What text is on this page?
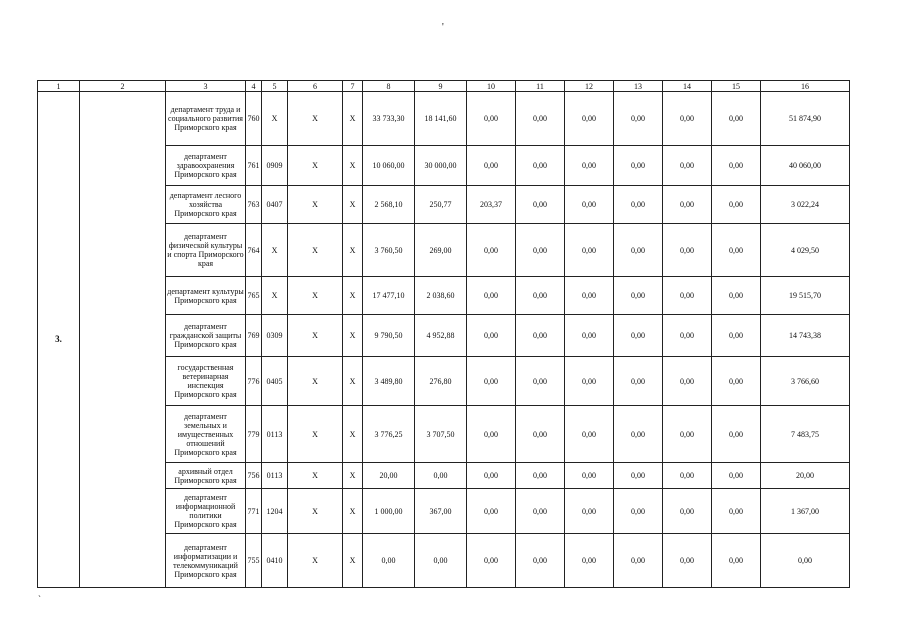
'
1	2	3	4	5	6	7	8	9	10	11	12	13	14	15	16
3.		департамент труда и социального развития Приморского края	760	X	X	X	33 733,30	18 141,60	0,00	0,00	0,00	0,00	0,00	0,00	51 874,90
		департамент здравоохранения Приморского края	761	0909	X	X	10 060,00	30 000,00	0,00	0,00	0,00	0,00	0,00	0,00	40 060,00
		департамент лесного хозяйства Приморского края	763	0407	X	X	2 568,10	250,77	203,37	0,00	0,00	0,00	0,00	0,00	3 022,24
		департамент физической культуры и спорта Приморского края	764	X	X	X	3 760,50	269,00	0,00	0,00	0,00	0,00	0,00	0,00	4 029,50
		департамент культуры Приморского края	765	X	X	X	17 477,10	2 038,60	0,00	0,00	0,00	0,00	0,00	0,00	19 515,70
		департамент гражданской защиты Приморского края	769	0309	X	X	9 790,50	4 952,88	0,00	0,00	0,00	0,00	0,00	0,00	14 743,38
		государственная ветеринарная инспекция Приморского края	776	0405	X	X	3 489,80	276,80	0,00	0,00	0,00	0,00	0,00	0,00	3 766,60
		департамент земельных и имущественных отношений Приморского края	779	0113	X	X	3 776,25	3 707,50	0,00	0,00	0,00	0,00	0,00	0,00	7 483,75
		архивный отдел Приморского края	756	0113	X	X	20,00	0,00	0,00	0,00	0,00	0,00	0,00	0,00	20,00
		департамент информационной политики Приморского края	771	1204	X	X	1 000,00	367,00	0,00	0,00	0,00	0,00	0,00	0,00	1 367,00
		департамент информатизации и телекоммуникаций Приморского края	755	0410	X	X	0,00	0,00	0,00	0,00	0,00	0,00	0,00	0,00	0,00
`
